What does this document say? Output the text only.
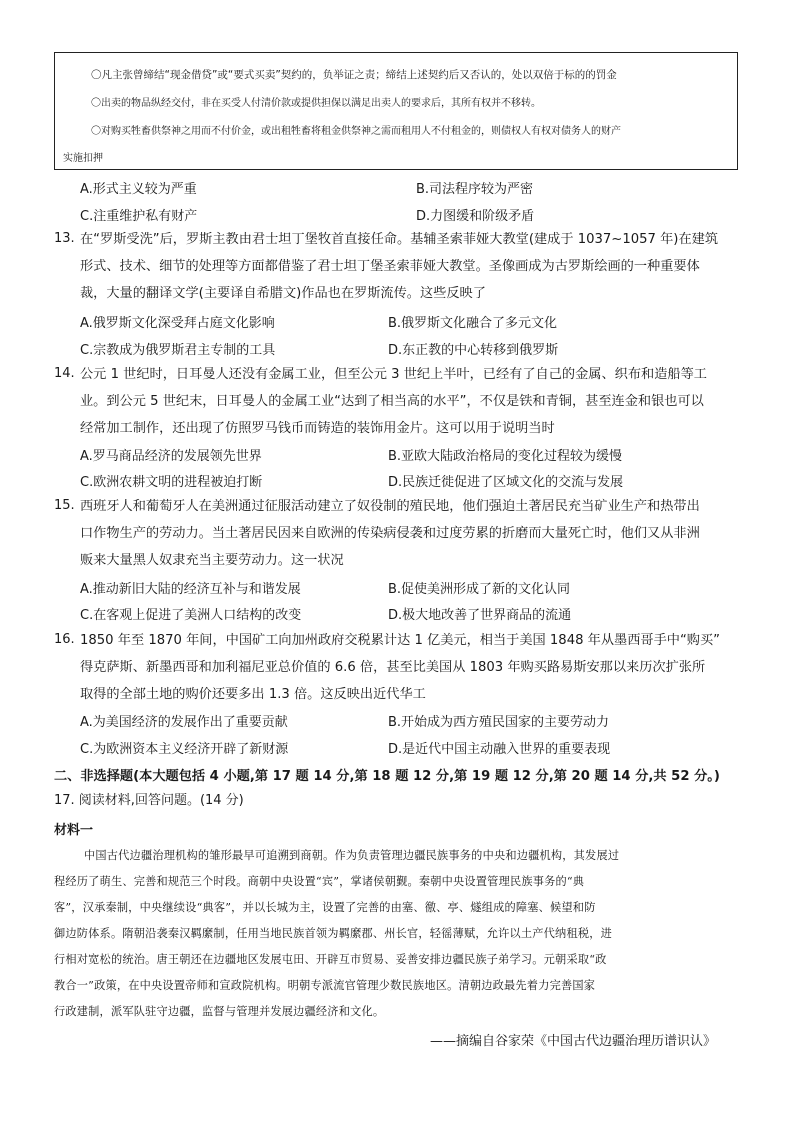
〇凡主张曾缔结“现金借贷”或“要式买卖”契约的，负举证之责；缔结上述契约后又否认的，处以双倍于标的的罚金
〇出卖的物品纵经交付，非在买受人付清价款或提供担保以满足出卖人的要求后，其所有权并不移转。
〇对购买牲畜供祭神之用而不付价金，或出租牲畜将租金供祭神之需而租用人不付租金的，则债权人有权对债务人的财产
实施扣押
A.形式主义较为严重	B.司法程序较为严密
C.注重维护私有财产	D.力图缓和阶级矛盾
13. 在“罗斯受洗”后，罗斯主教由君士坦丁堡牧首直接任命。基辅圣索菲娅大教堂(建成于 1037~1057 年)在建筑
形式、技术、细节的处理等方面都借鉴了君士坦丁堡圣索菲娅大教堂。圣像画成为古罗斯绘画的一种重要体
裁，大量的翻译文学(主要译自希腊文)作品也在罗斯流传。这些反映了
A.俄罗斯文化深受拜占庭文化影响	B.俄罗斯文化融合了多元文化
C.宗教成为俄罗斯君主专制的工具	D.东正教的中心转移到俄罗斯
14. 公元 1 世纪时，日耳曼人还没有金属工业，但至公元 3 世纪上半叶，已经有了自己的金属、织布和造船等工
业。到公元 5 世纪末，日耳曼人的金属工业“达到了相当高的水平”，不仅是铁和青铜，甚至连金和银也可以
经常加工制作，还出现了仿照罗马钱币而铸造的装饰用金片。这可以用于说明当时
A.罗马商品经济的发展领先世界	B.亚欧大陆政治格局的变化过程较为缓慢
C.欧洲农耕文明的进程被迫打断	D.民族迁徙促进了区域文化的交流与发展
15. 西班牙人和葡萄牙人在美洲通过征服活动建立了奴役制的殖民地，他们强迫土著居民充当矿业生产和热带出
口作物生产的劳动力。当土著居民因来自欧洲的传染病侵袭和过度劳累的折磨而大量死亡时，他们又从非洲
贩来大量黑人奴隶充当主要劳动力。这一状况
A.推动新旧大陆的经济互补与和谐发展	B.促使美洲形成了新的文化认同
C.在客观上促进了美洲人口结构的改变	D.极大地改善了世界商品的流通
16. 1850 年至 1870 年间，中国矿工向加州政府交税累计达 1 亿美元，相当于美国 1848 年从墨西哥手中“购买”
得克萨斯、新墨西哥和加利福尼亚总价值的 6.6 倍，甚至比美国从 1803 年购买路易斯安那以来历次扩张所
取得的全部土地的购价还要多出 1.3 倍。这反映出近代华工
A.为美国经济的发展作出了重要贡献	B.开始成为西方殖民国家的主要劳动力
C.为欧洲资本主义经济开辟了新财源	D.是近代中国主动融入世界的重要表现
二、非选择题(本大题包括 4 小题,第 17 题 14 分,第 18 题 12 分,第 19 题 12 分,第 20 题 14 分,共 52 分。)
17. 阅读材料,回答问题。(14 分)
材料一
中国古代边疆治理机构的雏形最早可追溯到商朝。作为负责管理边疆民族事务的中央和边疆机构，其发展过
程经历了萌生、完善和规范三个时段。商朝中央设置“宾”，掌诸侯朝觐。秦朝中央设置管理民族事务的“典
客”，汉承秦制，中央继续设“典客”，并以长城为主，设置了完善的由塞、徼、亭、燧组成的障塞、候望和防
御边防体系。隋朝沿袭秦汉羁縻制，任用当地民族首领为羁縻郡、州长官，轻徭薄赋，允许以土产代纳租税，进
行相对宽松的统治。唐王朝还在边疆地区发展屯田、开辟互市贸易、妥善安排边疆民族子弟学习。元朝采取“政
教合一”政策，在中央设置帝师和宣政院机构。明朝专派流官管理少数民族地区。清朝边政最先着力完善国家
行政建制，派军队驻守边疆，监督与管理并发展边疆经济和文化。
——摘编自谷家荣《中国古代边疆治理历谱识认》
